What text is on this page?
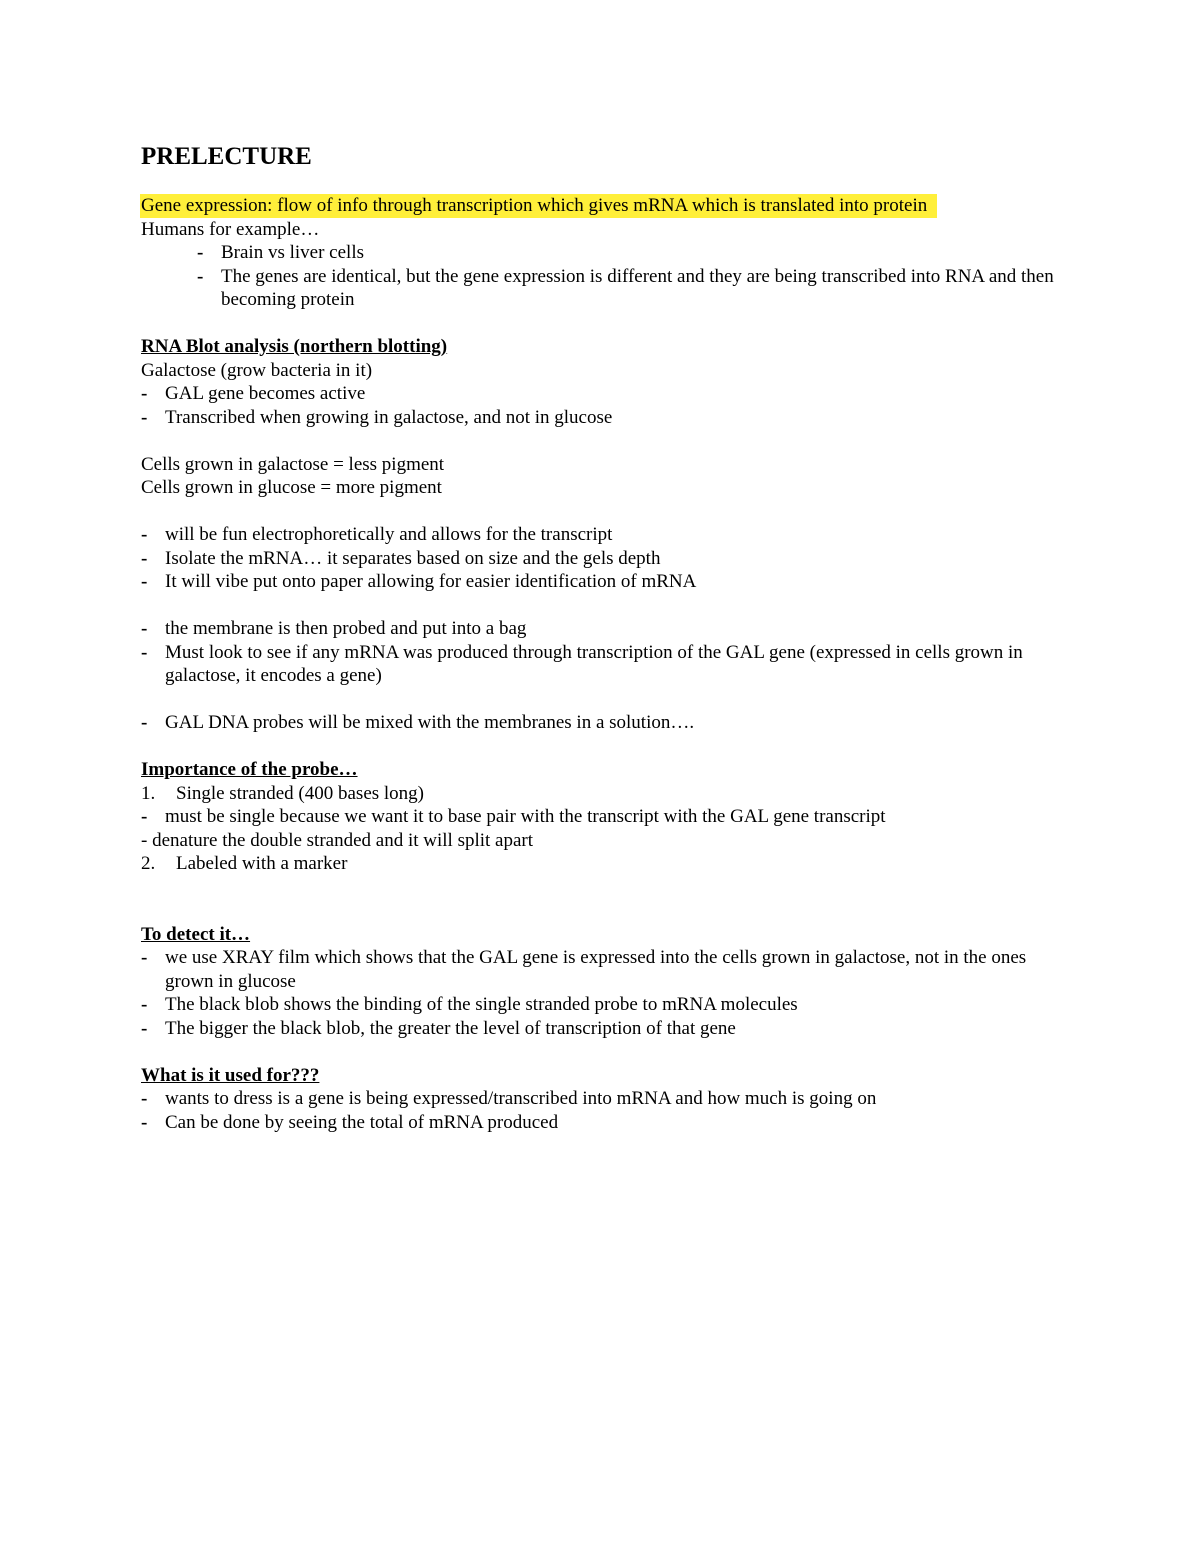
PRELECTURE

Gene expression: flow of info through transcription which gives mRNA which is translated into protein

Humans for example…

- Brain vs liver cells
- The genes are identical, but the gene expression is different and they are being transcribed into RNA and then becoming protein

RNA Blot analysis (northern blotting)

Galactose (grow bacteria in it)

- GAL gene becomes active
- Transcribed when growing in galactose, and not in glucose

Cells grown in galactose = less pigment

Cells grown in glucose = more pigment

- will be fun electrophoretically and allows for the transcript
- Isolate the mRNA… it separates based on size and the gels depth
- It will vibe put onto paper allowing for easier identification of mRNA
- the membrane is then probed and put into a bag
- Must look to see if any mRNA was produced through transcription of the GAL gene (expressed in cells grown in galactose, it encodes a gene)
- GAL DNA probes will be mixed with the membranes in a solution….

Importance of the probe…

1. Single stranded (400 bases long)
- must be single because we want it to base pair with the transcript with the GAL gene transcript

- denature the double stranded and it will split apart

2. Labeled with a marker

To detect it…

- we use XRAY film which shows that the GAL gene is expressed into the cells grown in galactose, not in the ones grown in glucose
- The black blob shows the binding of the single stranded probe to mRNA molecules
- The bigger the black blob, the greater the level of transcription of that gene

What is it used for???

- wants to dress is a gene is being expressed/transcribed into mRNA and how much is going on
- Can be done by seeing the total of mRNA produced
